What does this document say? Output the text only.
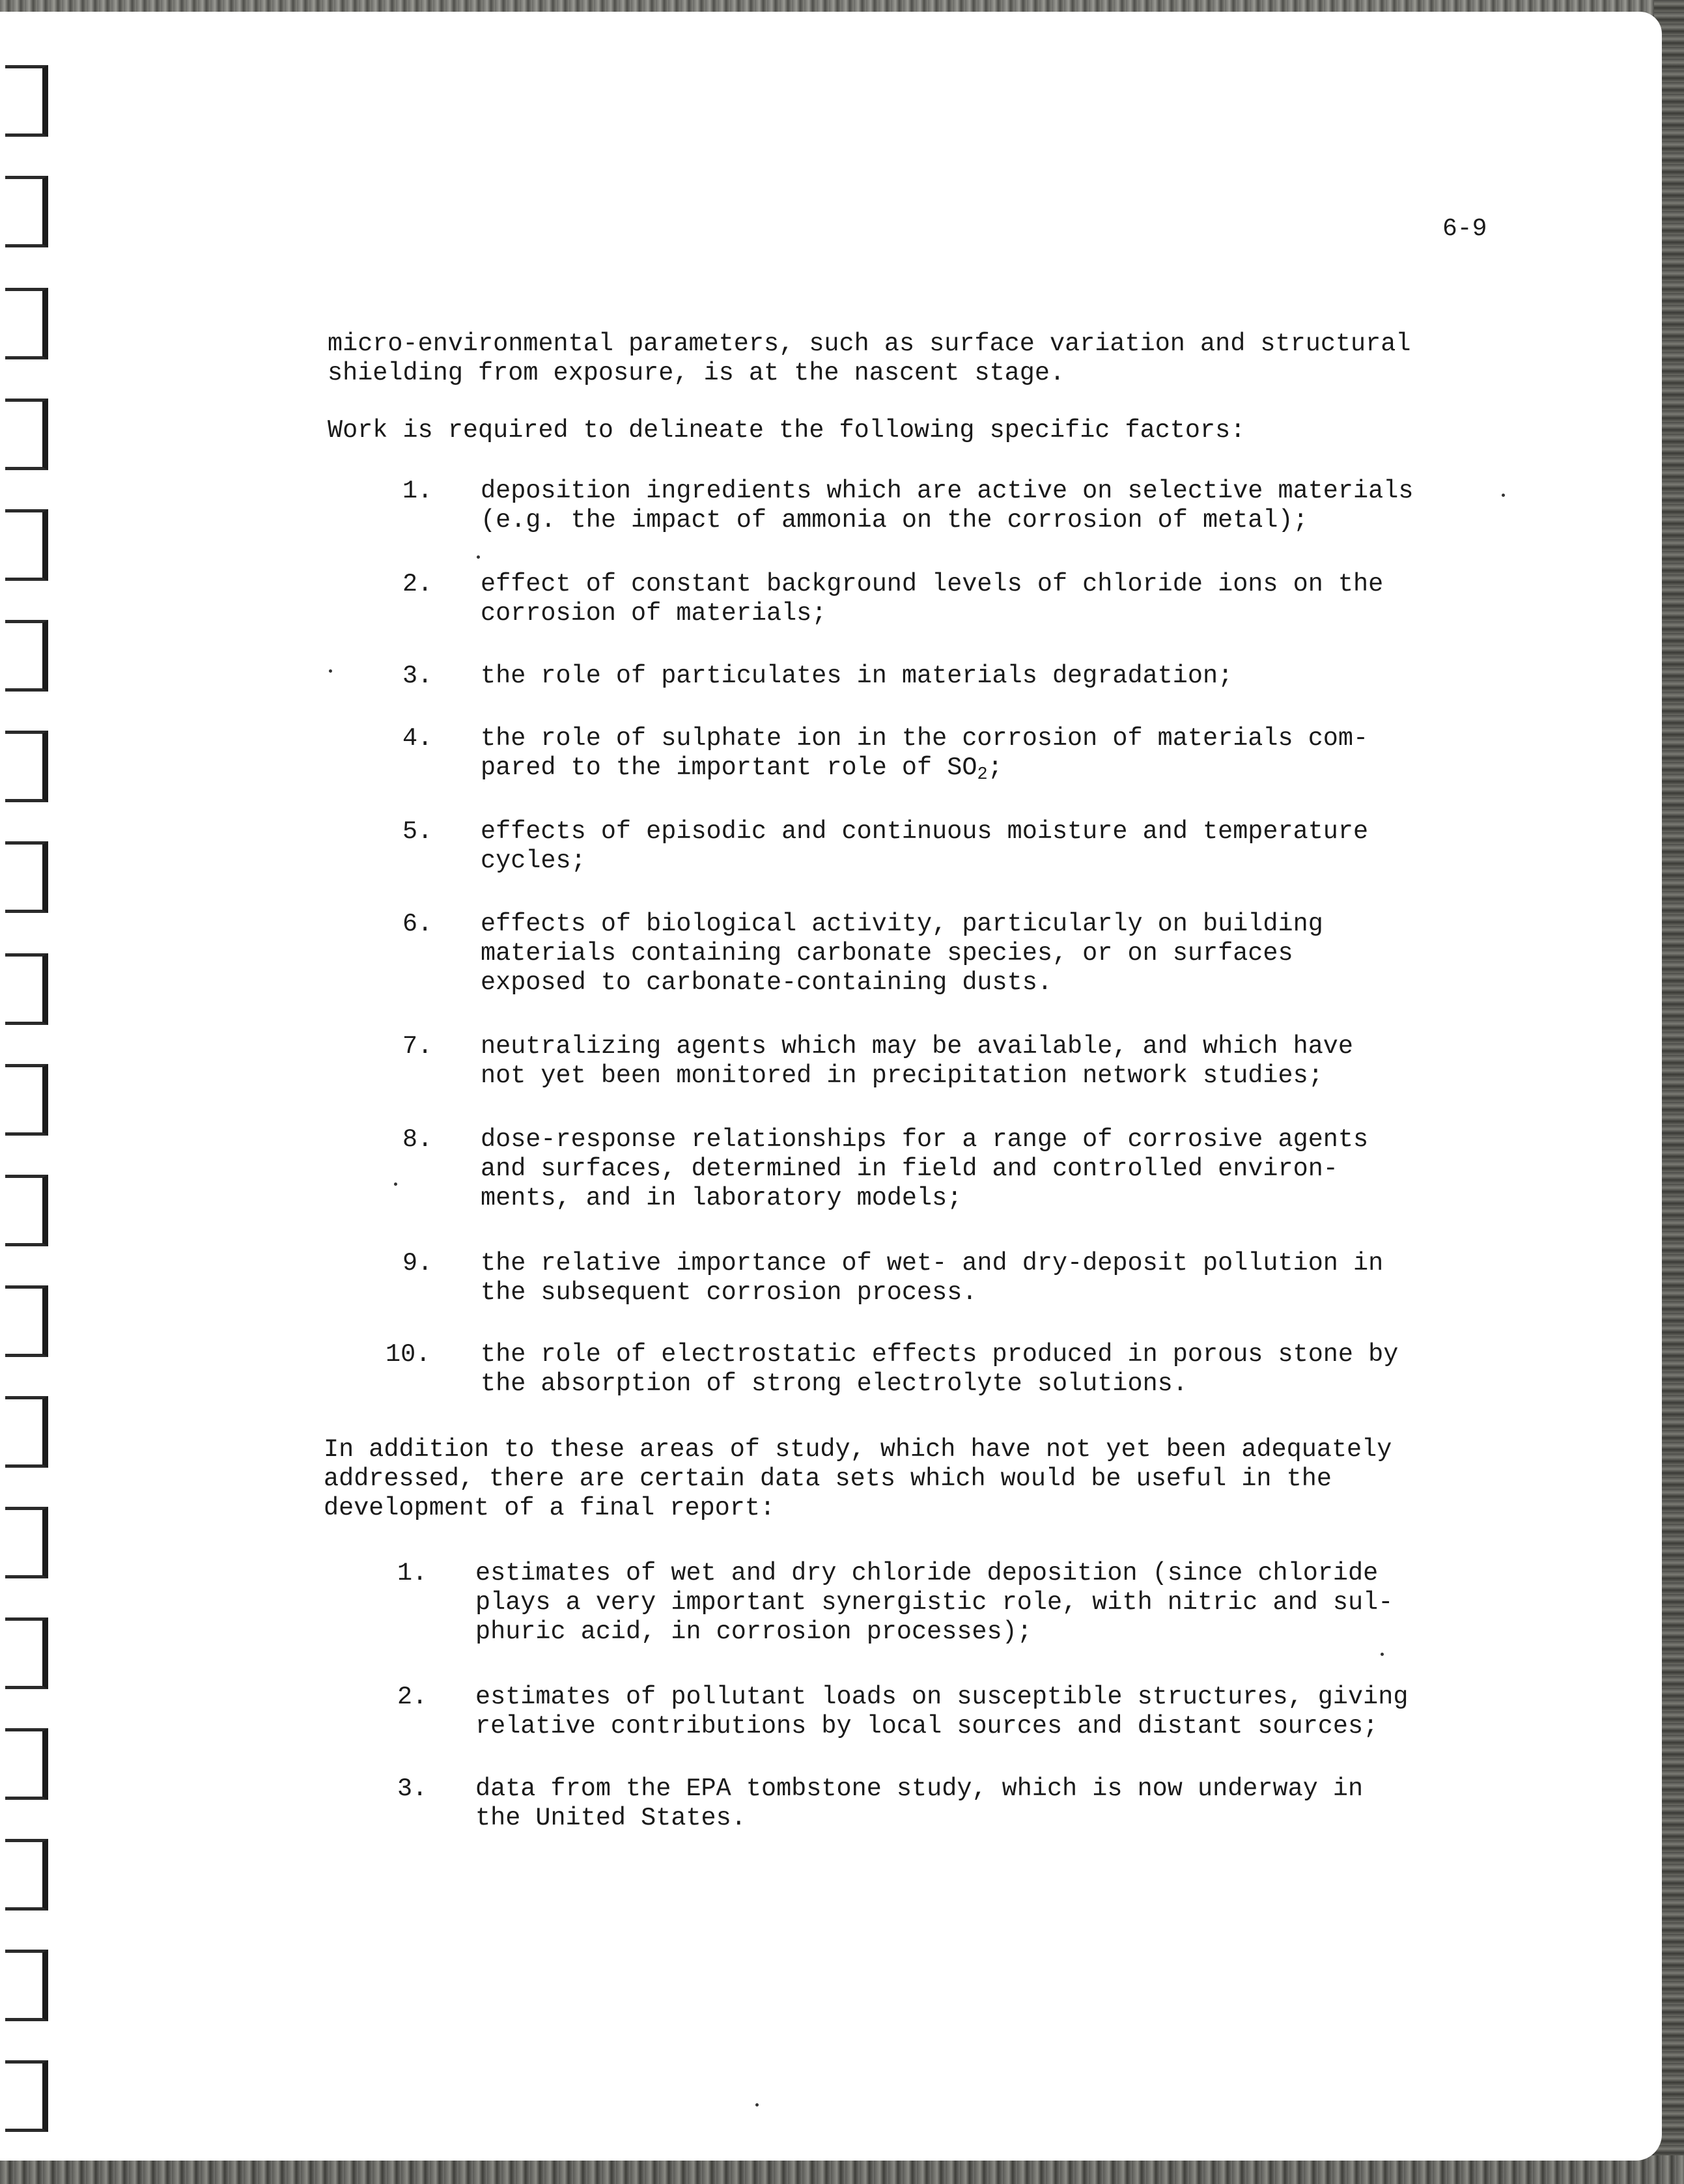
6-9
micro-environmental parameters, such as surface variation and structural
shielding from exposure, is at the nascent stage.
Work is required to delineate the following specific factors:
1. deposition ingredients which are active on selective materials
(e.g. the impact of ammonia on the corrosion of metal);
2. effect of constant background levels of chloride ions on the
corrosion of materials;
3. the role of particulates in materials degradation;
4. the role of sulphate ion in the corrosion of materials com-
pared to the important role of $SO_2$;
5. effects of episodic and continuous moisture and temperature
cycles;
6. effects of biological activity, particularly on building
materials containing carbonate species, or on surfaces
exposed to carbonate-containing dusts.
7. neutralizing agents which may be available, and which have
not yet been monitored in precipitation network studies;
8. dose-response relationships for a range of corrosive agents
and surfaces, determined in field and controlled environ-
ments, and in laboratory models;
9. the relative importance of wet- and dry-deposit pollution in
the subsequent corrosion process.
10. the role of electrostatic effects produced in porous stone by
the absorption of strong electrolyte solutions.
In addition to these areas of study, which have not yet been adequately
addressed, there are certain data sets which would be useful in the
development of a final report:
1. estimates of wet and dry chloride deposition (since chloride
plays a very important synergistic role, with nitric and sul-
phuric acid, in corrosion processes);
2. estimates of pollutant loads on susceptible structures, giving
relative contributions by local sources and distant sources;
3. data from the EPA tombstone study, which is now underway in
the United States.
